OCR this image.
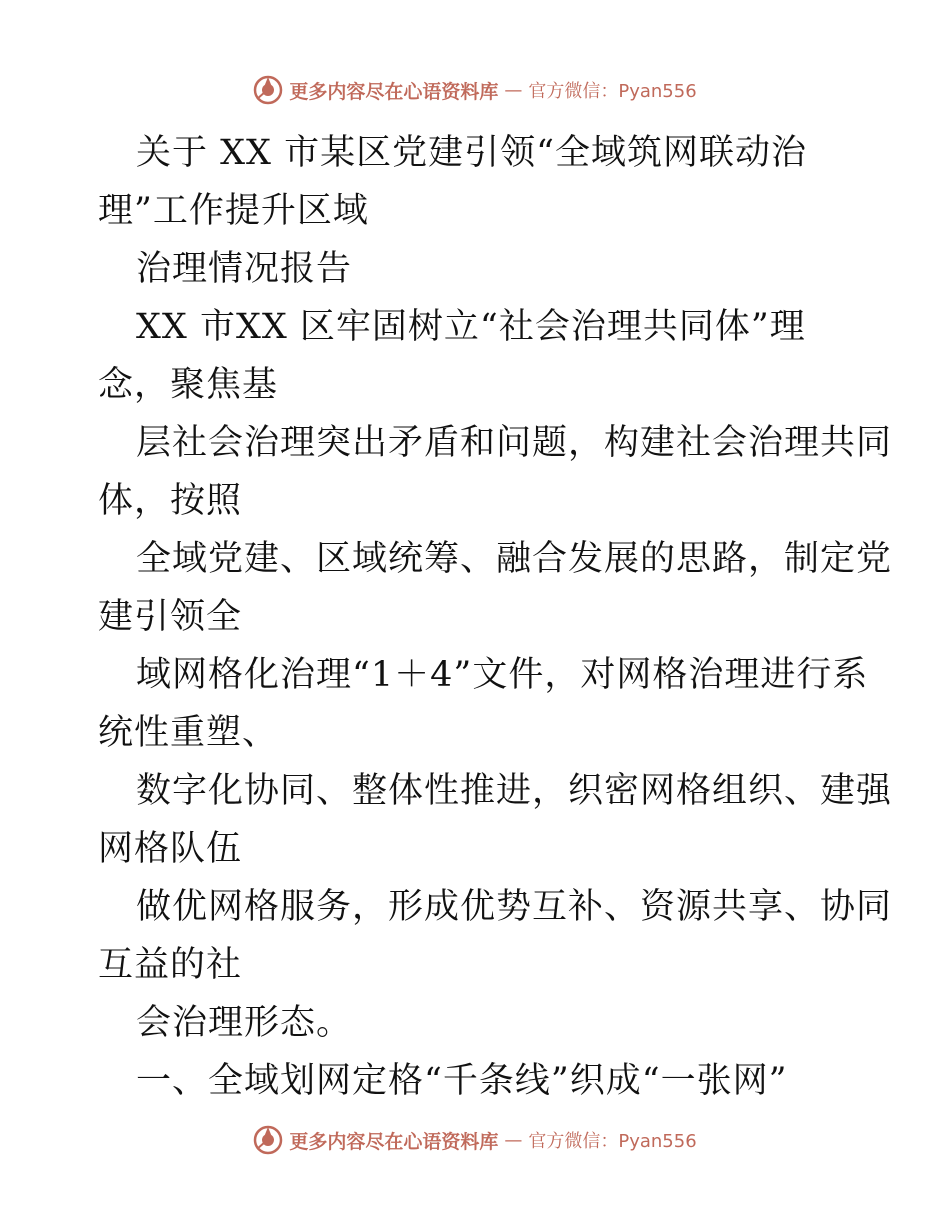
更多内容尽在心语资料库 — 官方微信：Pyan556
关于 XX 市某区党建引领“全域筑网联动治
理”工作提升区域
治理情况报告
XX 市XX 区牢固树立“社会治理共同体”理
念，聚焦基
层社会治理突出矛盾和问题，构建社会治理共同
体，按照
全域党建、区域统筹、融合发展的思路，制定党
建引领全
域网格化治理“1＋4”文件，对网格治理进行系
统性重塑、
数字化协同、整体性推进，织密网格组织、建强
网格队伍
做优网格服务，形成优势互补、资源共享、协同
互益的社
会治理形态。
一、全域划网定格“千条线”织成“一张网”
更多内容尽在心语资料库 — 官方微信：Pyan556
